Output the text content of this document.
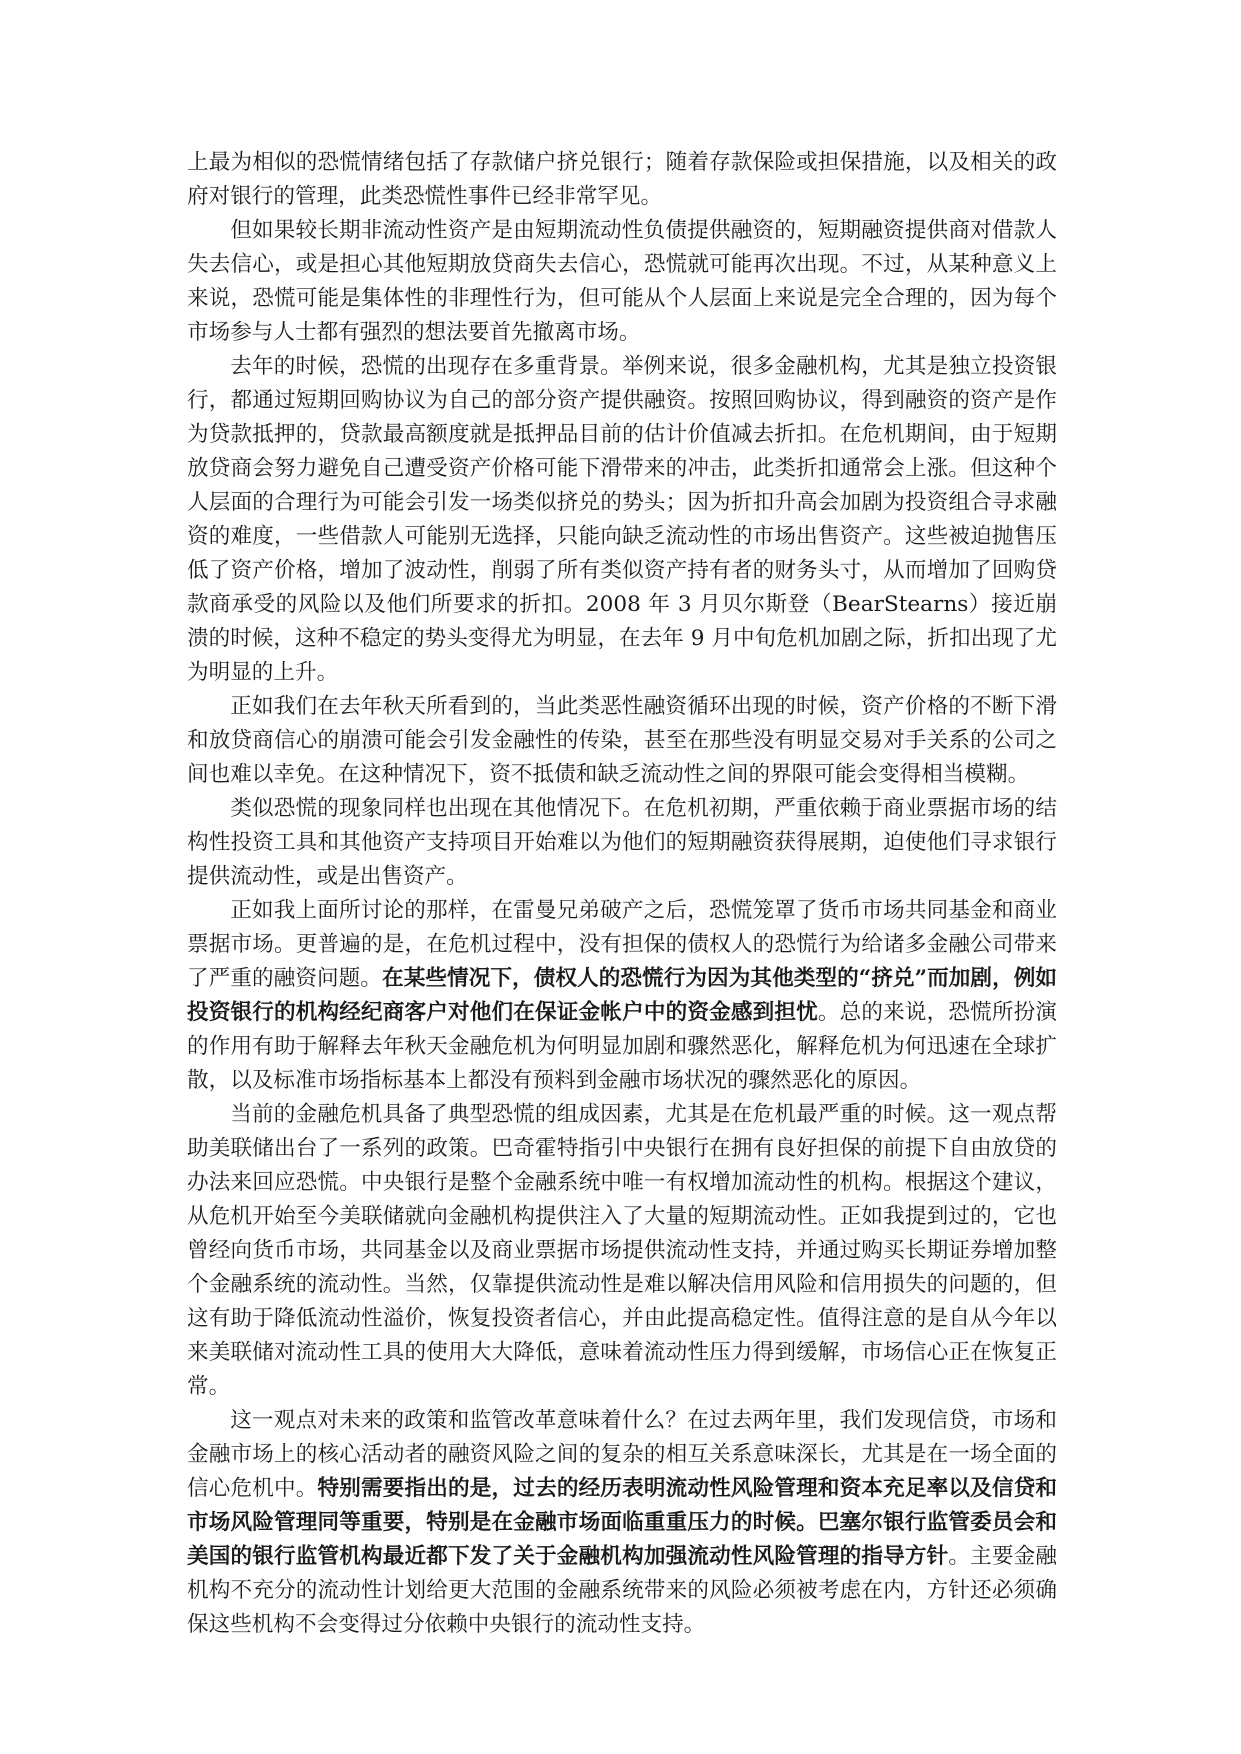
上最为相似的恐慌情绪包括了存款储户挤兑银行；随着存款保险或担保措施，以及相关的政府对银行的管理，此类恐慌性事件已经非常罕见。

但如果较长期非流动性资产是由短期流动性负债提供融资的，短期融资提供商对借款人失去信心，或是担心其他短期放贷商失去信心，恐慌就可能再次出现。不过，从某种意义上来说，恐慌可能是集体性的非理性行为，但可能从个人层面上来说是完全合理的，因为每个市场参与人士都有强烈的想法要首先撤离市场。

去年的时候，恐慌的出现存在多重背景。举例来说，很多金融机构，尤其是独立投资银行，都通过短期回购协议为自己的部分资产提供融资。按照回购协议，得到融资的资产是作为贷款抵押的，贷款最高额度就是抵押品目前的估计价值减去折扣。在危机期间，由于短期放贷商会努力避免自己遭受资产价格可能下滑带来的冲击，此类折扣通常会上涨。但这种个人层面的合理行为可能会引发一场类似挤兑的势头；因为折扣升高会加剧为投资组合寻求融资的难度，一些借款人可能别无选择，只能向缺乏流动性的市场出售资产。这些被迫抛售压低了资产价格，增加了波动性，削弱了所有类似资产持有者的财务头寸，从而增加了回购贷款商承受的风险以及他们所要求的折扣。2008 年 3 月贝尔斯登（BearStearns）接近崩溃的时候，这种不稳定的势头变得尤为明显，在去年 9 月中旬危机加剧之际，折扣出现了尤为明显的上升。

正如我们在去年秋天所看到的，当此类恶性融资循环出现的时候，资产价格的不断下滑和放贷商信心的崩溃可能会引发金融性的传染，甚至在那些没有明显交易对手关系的公司之间也难以幸免。在这种情况下，资不抵债和缺乏流动性之间的界限可能会变得相当模糊。

类似恐慌的现象同样也出现在其他情况下。在危机初期，严重依赖于商业票据市场的结构性投资工具和其他资产支持项目开始难以为他们的短期融资获得展期，迫使他们寻求银行提供流动性，或是出售资产。

正如我上面所讨论的那样，在雷曼兄弟破产之后，恐慌笼罩了货币市场共同基金和商业票据市场。更普遍的是，在危机过程中，没有担保的债权人的恐慌行为给诸多金融公司带来了严重的融资问题。在某些情况下，债权人的恐慌行为因为其他类型的“挤兑”而加剧，例如投资银行的机构经纪商客户对他们在保证金帐户中的资金感到担忧。总的来说，恐慌所扮演的作用有助于解释去年秋天金融危机为何明显加剧和骤然恶化，解释危机为何迅速在全球扩散，以及标准市场指标基本上都没有预料到金融市场状况的骤然恶化的原因。

当前的金融危机具备了典型恐慌的组成因素，尤其是在危机最严重的时候。这一观点帮助美联储出台了一系列的政策。巴奇霍特指引中央银行在拥有良好担保的前提下自由放贷的办法来回应恐慌。中央银行是整个金融系统中唯一有权增加流动性的机构。根据这个建议，从危机开始至今美联储就向金融机构提供注入了大量的短期流动性。正如我提到过的，它也曾经向货币市场，共同基金以及商业票据市场提供流动性支持，并通过购买长期证券增加整个金融系统的流动性。当然，仅靠提供流动性是难以解决信用风险和信用损失的问题的，但这有助于降低流动性溢价，恢复投资者信心，并由此提高稳定性。值得注意的是自从今年以来美联储对流动性工具的使用大大降低，意味着流动性压力得到缓解，市场信心正在恢复正常。

这一观点对未来的政策和监管改革意味着什么？在过去两年里，我们发现信贷，市场和金融市场上的核心活动者的融资风险之间的复杂的相互关系意味深长，尤其是在一场全面的信心危机中。特别需要指出的是，过去的经历表明流动性风险管理和资本充足率以及信贷和市场风险管理同等重要，特别是在金融市场面临重重压力的时候。巴塞尔银行监管委员会和美国的银行监管机构最近都下发了关于金融机构加强流动性风险管理的指导方针。主要金融机构不充分的流动性计划给更大范围的金融系统带来的风险必须被考虑在内，方针还必须确保这些机构不会变得过分依赖中央银行的流动性支持。
